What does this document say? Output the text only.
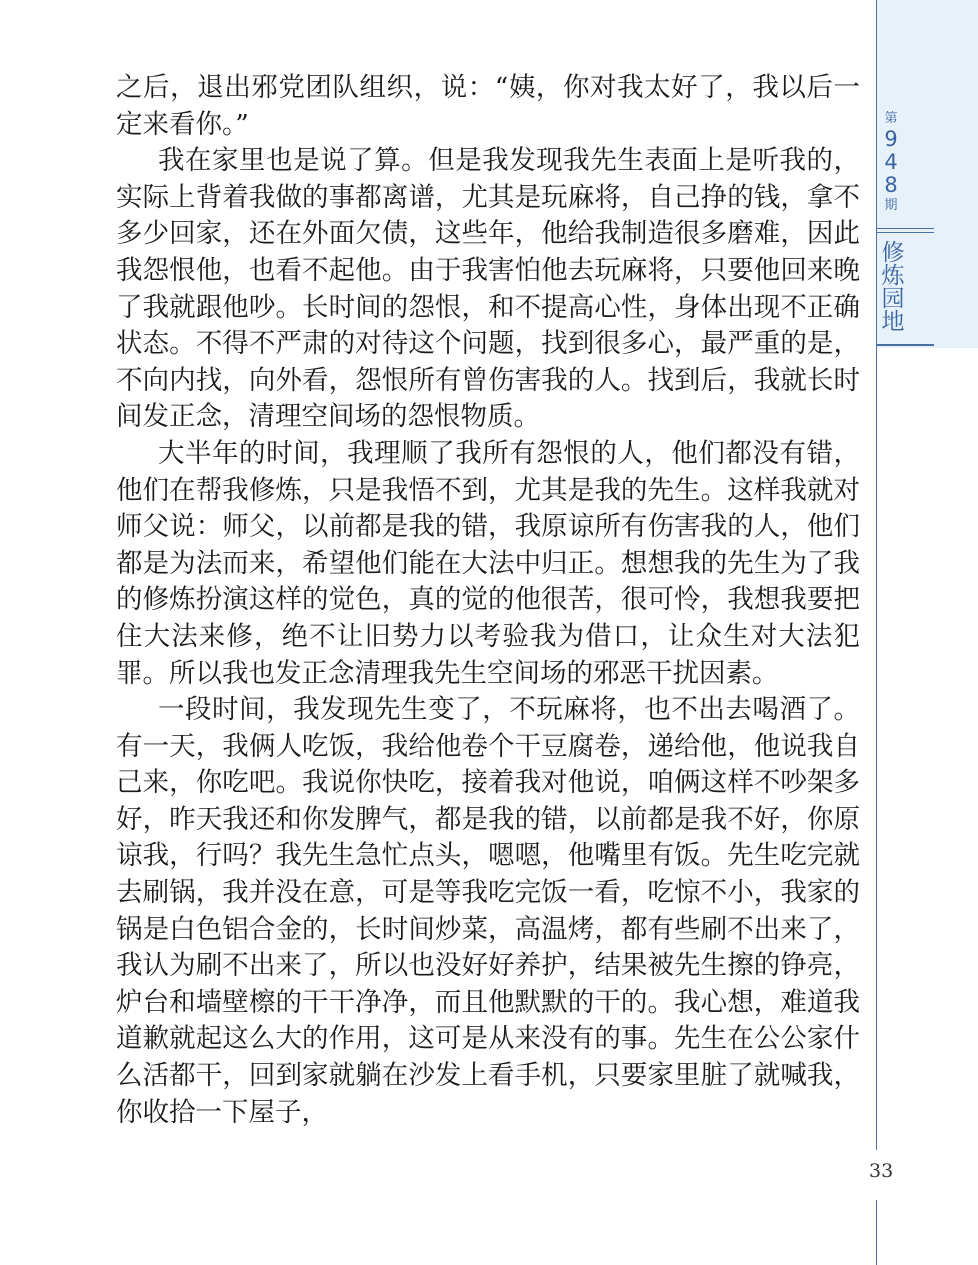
第
9
4
8
期
修
炼
园
地

之后，退出邪党团队组织，说：“姨，你对我太好了，我以后一定来看你。”

我在家里也是说了算。但是我发现我先生表面上是听我的，实际上背着我做的事都离谱，尤其是玩麻将，自己挣的钱，拿不多少回家，还在外面欠债，这些年，他给我制造很多磨难，因此我怨恨他，也看不起他。由于我害怕他去玩麻将，只要他回来晚了我就跟他吵。长时间的怨恨，和不提高心性，身体出现不正确状态。不得不严肃的对待这个问题，找到很多心，最严重的是，不向内找，向外看，怨恨所有曾伤害我的人。找到后，我就长时间发正念，清理空间场的怨恨物质。

大半年的时间，我理顺了我所有怨恨的人，他们都没有错，他们在帮我修炼，只是我悟不到，尤其是我的先生。这样我就对师父说：师父，以前都是我的错，我原谅所有伤害我的人，他们都是为法而来，希望他们能在大法中归正。想想我的先生为了我的修炼扮演这样的觉色，真的觉的他很苦，很可怜，我想我要把住大法来修，绝不让旧势力以考验我为借口，让众生对大法犯罪。所以我也发正念清理我先生空间场的邪恶干扰因素。

一段时间，我发现先生变了，不玩麻将，也不出去喝酒了。有一天，我俩人吃饭，我给他卷个干豆腐卷，递给他，他说我自己来，你吃吧。我说你快吃，接着我对他说，咱俩这样不吵架多好，昨天我还和你发脾气，都是我的错，以前都是我不好，你原谅我，行吗？我先生急忙点头，嗯嗯，他嘴里有饭。先生吃完就去刷锅，我并没在意，可是等我吃完饭一看，吃惊不小，我家的锅是白色铝合金的，长时间炒菜，高温烤，都有些刷不出来了，我认为刷不出来了，所以也没好好养护，结果被先生擦的铮亮，炉台和墙壁檫的干干净净，而且他默默的干的。我心想，难道我道歉就起这么大的作用，这可是从来没有的事。先生在公公家什么活都干，回到家就躺在沙发上看手机，只要家里脏了就喊我，你收拾一下屋子，

33
